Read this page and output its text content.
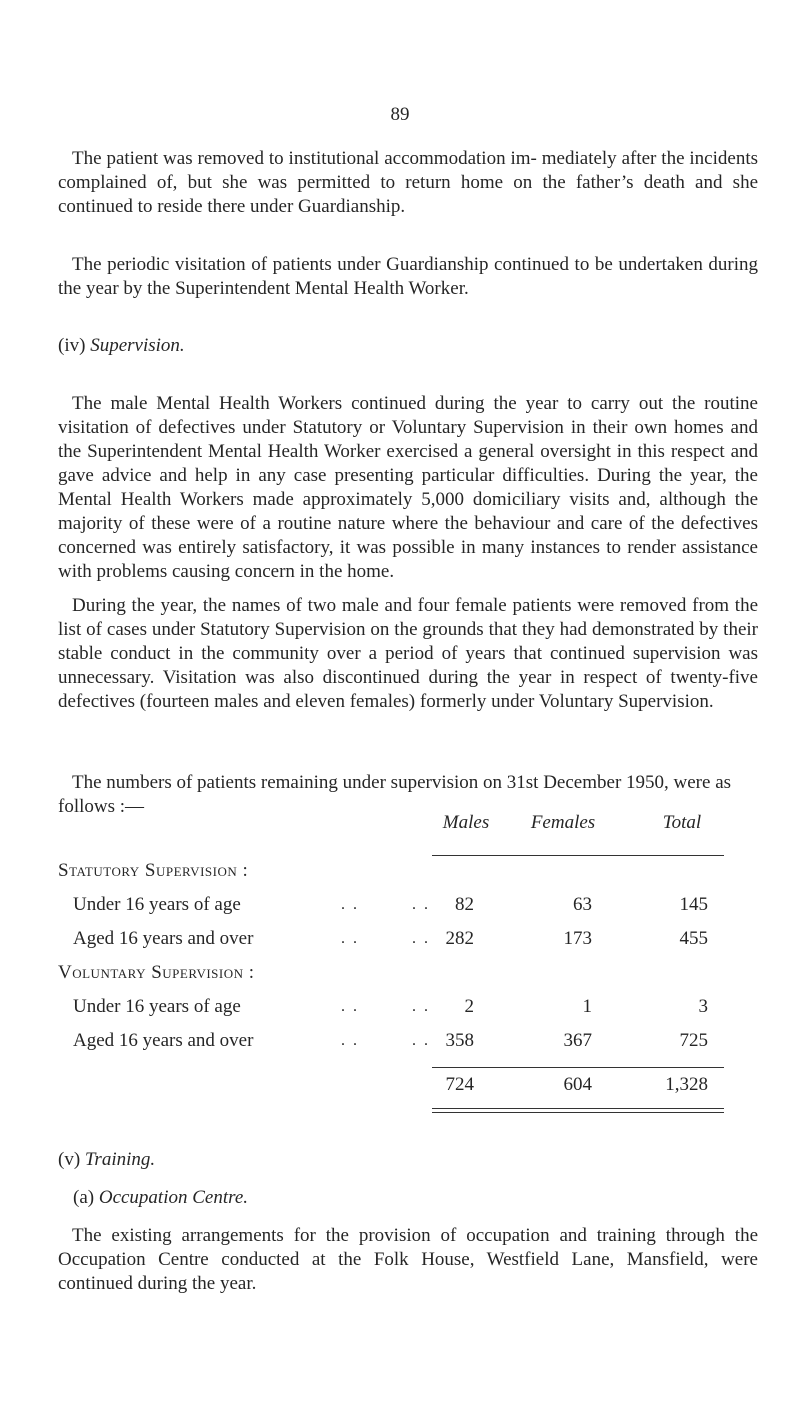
89

The patient was removed to institutional accommodation im- mediately after the incidents complained of, but she was permitted to return home on the father’s death and she continued to reside there under Guardianship.

The periodic visitation of patients under Guardianship continued to be undertaken during the year by the Superintendent Mental Health Worker.

(iv) Supervision.

The male Mental Health Workers continued during the year to carry out the routine visitation of defectives under Statutory or Voluntary Supervision in their own homes and the Superintendent Mental Health Worker exercised a general oversight in this respect and gave advice and help in any case presenting particular difficulties. During the year, the Mental Health Workers made approximately 5,000 domiciliary visits and, although the majority of these were of a routine nature where the behaviour and care of the defectives concerned was entirely satisfactory, it was possible in many instances to render assistance with problems causing concern in the home.

During the year, the names of two male and four female patients were removed from the list of cases under Statutory Supervision on the grounds that they had demonstrated by their stable conduct in the community over a period of years that continued supervision was unnecessary. Visitation was also discontinued during the year in respect of twenty-five defectives (fourteen males and eleven females) formerly under Voluntary Supervision.

The numbers of patients remaining under supervision on 31st December 1950, were as follows :—

Males	Females	Total
Statutory Supervision :
Under 16 years of age	. .	. .	82	63	145
Aged 16 years and over	. .	. . 282	173	455
Voluntary Supervision :
Under 16 years of age	. .	. .	2	1	3
Aged 16 years and over	. .	. . 358	367	725
724	604	1,328

(v) Training.

(a) Occupation Centre.

The existing arrangements for the provision of occupation and training through the Occupation Centre conducted at the Folk House, Westfield Lane, Mansfield, were continued during the year.
